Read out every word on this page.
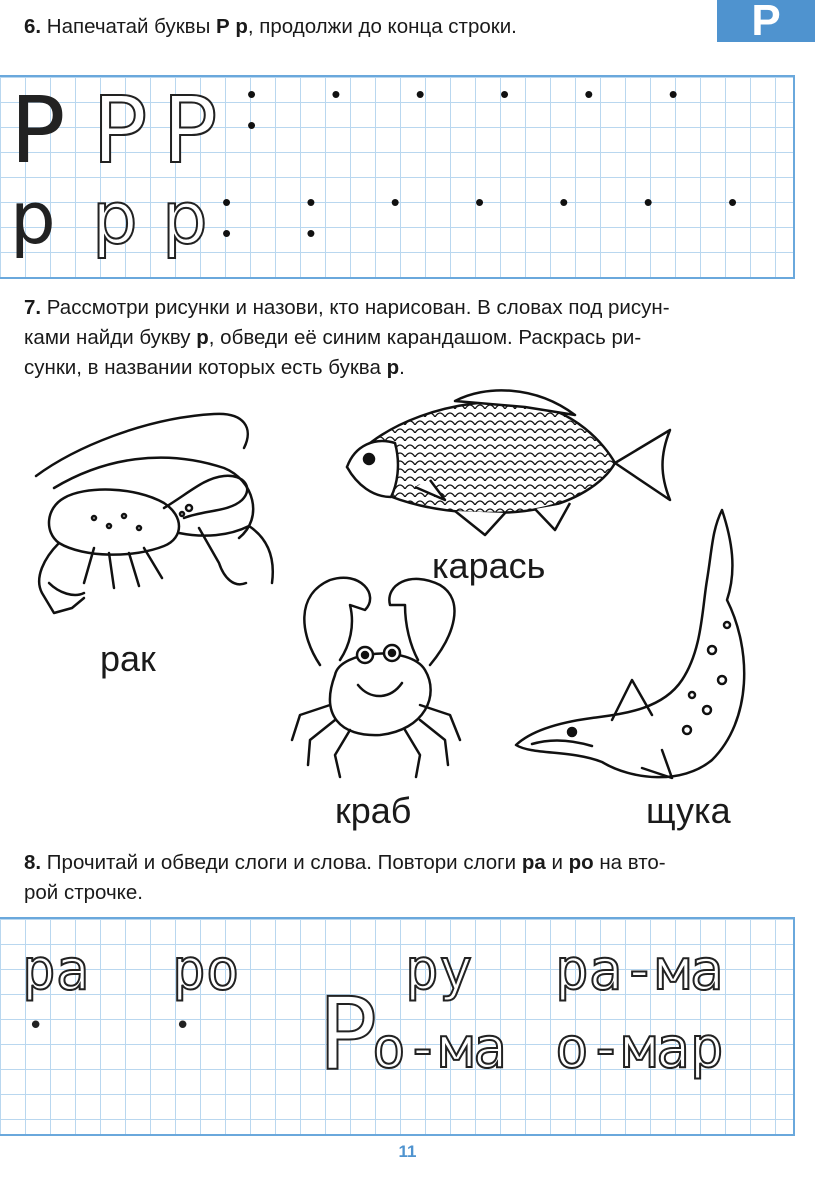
Р
6. Напечатай буквы Р р, продолжи до конца строки.
Р Р Р • • • • • • •
р р р • • • • • • • • •
7. Рассмотри рисунки и назови, кто нарисован. В словах под рисун-
ками найди букву р, обведи её синим карандашом. Раскрась ри-
сунки, в названии которых есть буква р.
рак
карась
краб	щука
8. Прочитай и обведи слоги и слова. Повтори слоги ра и ро на вто-
рой строчке.
ра ро	ру ра-ма
•	• Р
о-ма о-мар
11
